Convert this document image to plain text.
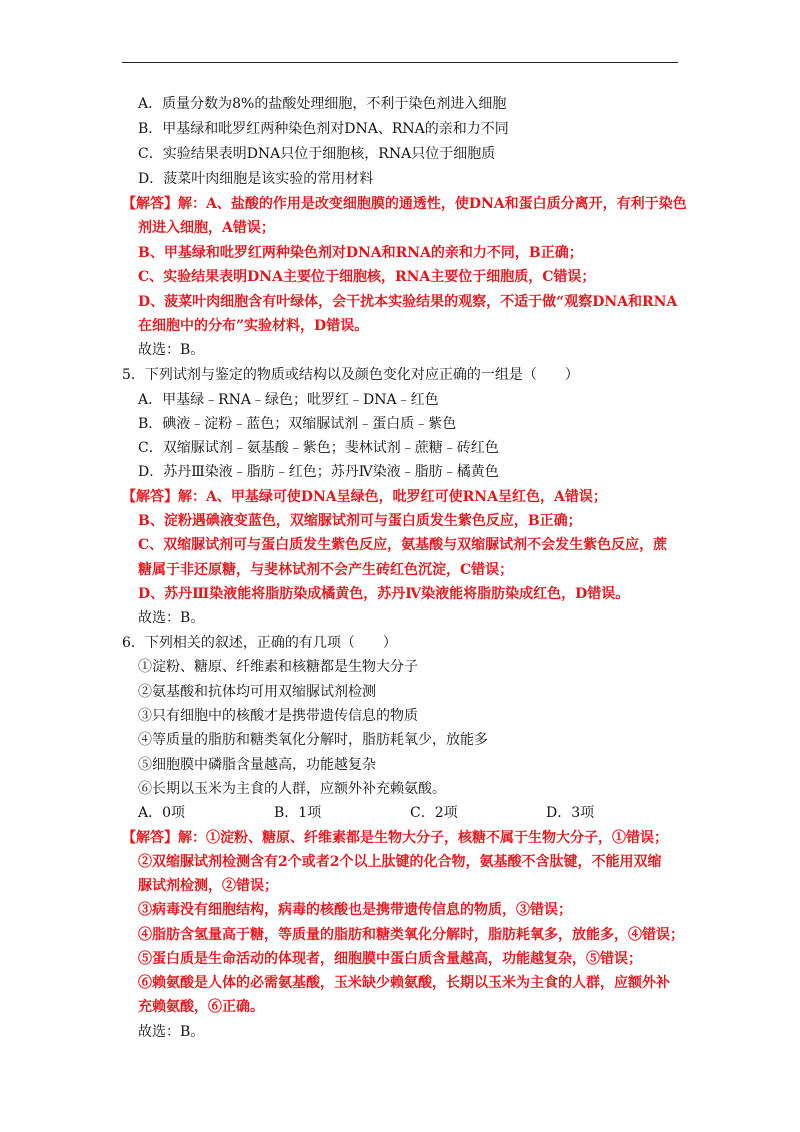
A．质量分数为8%的盐酸处理细胞，不利于染色剂进入细胞
B．甲基绿和吡罗红两种染色剂对DNA、RNA的亲和力不同
C．实验结果表明DNA只位于细胞核，RNA只位于细胞质
D．菠菜叶肉细胞是该实验的常用材料
【解答】解：A、盐酸的作用是改变细胞膜的通透性，使DNA和蛋白质分离开，有利于染色
剂进入细胞，A错误；
B、甲基绿和吡罗红两种染色剂对DNA和RNA的亲和力不同，B正确；
C、实验结果表明DNA主要位于细胞核，RNA主要位于细胞质，C错误；
D、菠菜叶肉细胞含有叶绿体，会干扰本实验结果的观察，不适于做“观察DNA和RNA
在细胞中的分布”实验材料，D错误。
故选：B。
5．下列试剂与鉴定的物质或结构以及颜色变化对应正确的一组是（　　）
A．甲基绿﹣RNA﹣绿色；吡罗红﹣DNA﹣红色
B．碘液﹣淀粉﹣蓝色；双缩脲试剂﹣蛋白质﹣紫色
C．双缩脲试剂﹣氨基酸﹣紫色；斐林试剂﹣蔗糖﹣砖红色
D．苏丹Ⅲ染液﹣脂肪﹣红色；苏丹Ⅳ染液﹣脂肪﹣橘黄色
【解答】解：A、甲基绿可使DNA呈绿色，吡罗红可使RNA呈红色，A错误；
B、淀粉遇碘液变蓝色，双缩脲试剂可与蛋白质发生紫色反应，B正确；
C、双缩脲试剂可与蛋白质发生紫色反应，氨基酸与双缩脲试剂不会发生紫色反应，蔗
糖属于非还原糖，与斐林试剂不会产生砖红色沉淀，C错误；
D、苏丹Ⅲ染液能将脂肪染成橘黄色，苏丹Ⅳ染液能将脂肪染成红色，D错误。
故选：B。
6．下列相关的叙述，正确的有几项（　　）
①淀粉、糖原、纤维素和核糖都是生物大分子
②氨基酸和抗体均可用双缩脲试剂检测
③只有细胞中的核酸才是携带遗传信息的物质
④等质量的脂肪和糖类氧化分解时，脂肪耗氧少，放能多
⑤细胞膜中磷脂含量越高，功能越复杂
⑥长期以玉米为主食的人群，应额外补充赖氨酸。
A．0项	B．1项	C．2项	D．3项
【解答】解：①淀粉、糖原、纤维素都是生物大分子，核糖不属于生物大分子，①错误；
②双缩脲试剂检测含有2个或者2个以上肽键的化合物，氨基酸不含肽键，不能用双缩
脲试剂检测，②错误；
③病毒没有细胞结构，病毒的核酸也是携带遗传信息的物质，③错误；
④脂肪含氢量高于糖，等质量的脂肪和糖类氧化分解时，脂肪耗氧多，放能多，④错误；
⑤蛋白质是生命活动的体现者，细胞膜中蛋白质含量越高，功能越复杂，⑤错误；
⑥赖氨酸是人体的必需氨基酸，玉米缺少赖氨酸，长期以玉米为主食的人群，应额外补
充赖氨酸，⑥正确。
故选：B。
